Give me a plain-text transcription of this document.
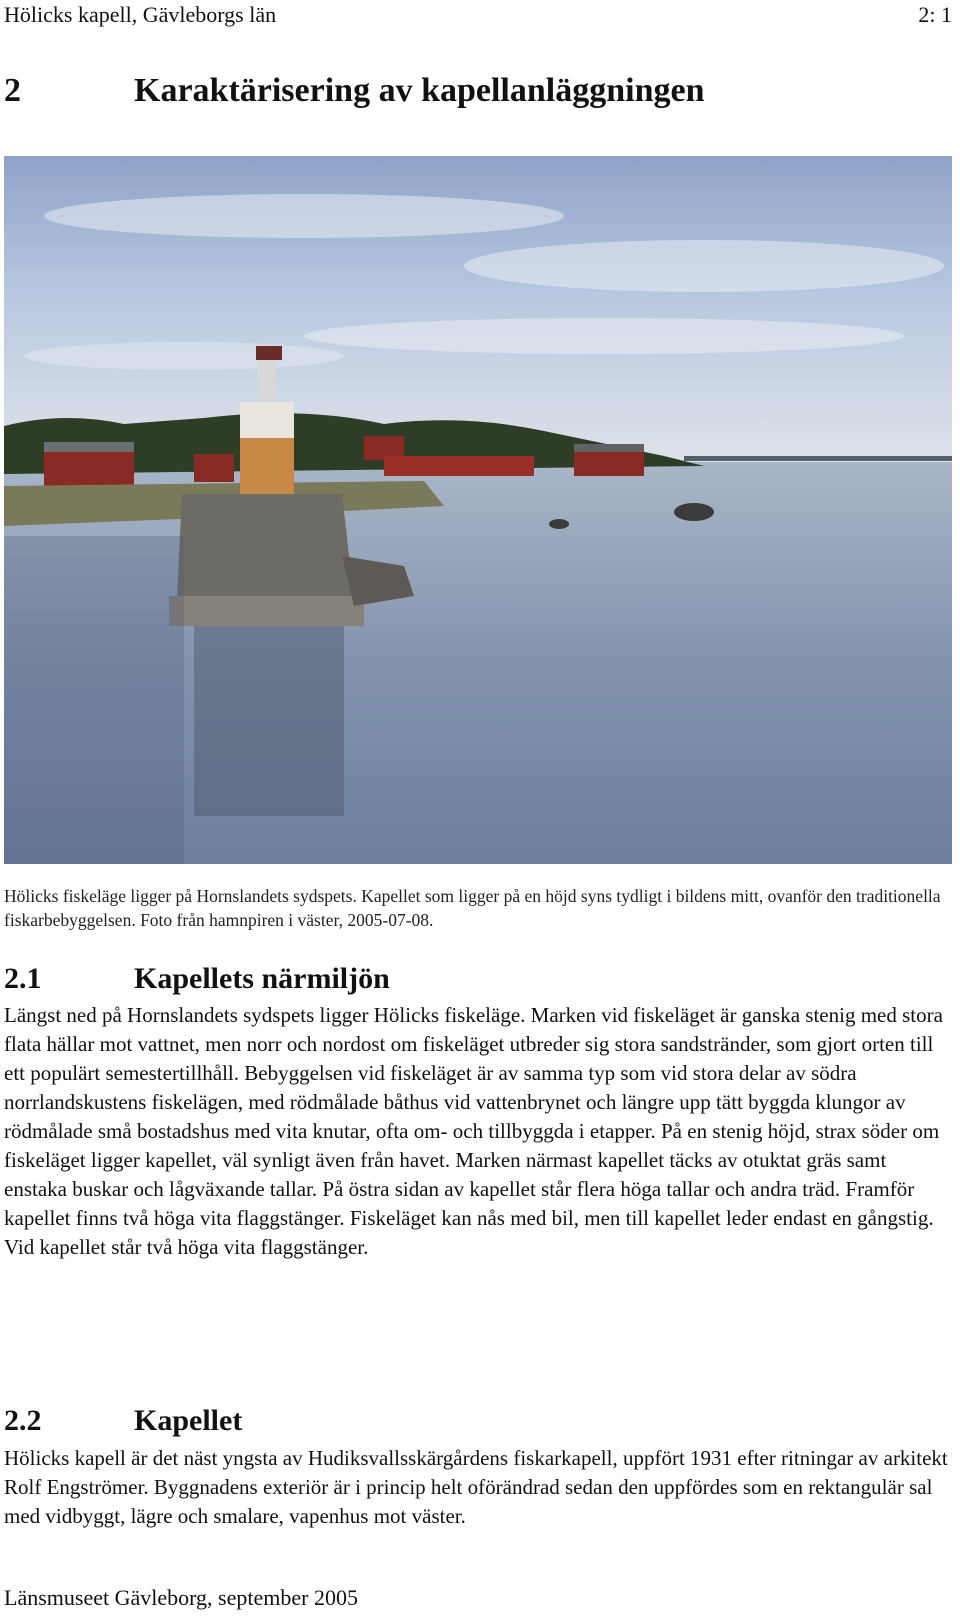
Hölicks kapell, Gävleborgs län	2: 1
2	Karaktärisering av kapellanläggningen
Hölicks fiskeläge ligger på Hornslandets sydspets. Kapellet som ligger på en höjd syns tydligt i bildens mitt, ovanför den traditionella fiskarbebyggelsen. Foto från hamnpiren i väster, 2005-07-08.
2.1	Kapellets närmiljön

Längst ned på Hornslandets sydspets ligger Hölicks fiskeläge. Marken vid fiskeläget är ganska stenig med stora flata hällar mot vattnet, men norr och nordost om fiskeläget utbreder sig stora sandstränder, som gjort orten till ett populärt semestertillhåll. Bebyggelsen vid fiskeläget är av samma typ som vid stora delar av södra norrlandskustens fiskelägen, med rödmålade båthus vid vattenbrynet och längre upp tätt byggda klungor av rödmålade små bostadshus med vita knutar, ofta om- och tillbyggda i etapper. På en stenig höjd, strax söder om fiskeläget ligger kapellet, väl synligt även från havet. Marken närmast kapellet täcks av otuktat gräs samt enstaka buskar och lågväxande tallar. På östra sidan av kapellet står flera höga tallar och andra träd. Framför kapellet finns två höga vita flaggstänger. Fiskeläget kan nås med bil, men till kapellet leder endast en gångstig. Vid kapellet står två höga vita flaggstänger.

2.2	Kapellet

Hölicks kapell är det näst yngsta av Hudiksvallsskärgårdens fiskarkapell, uppfört 1931 efter ritningar av arkitekt Rolf Engströmer. Byggnadens exteriör är i princip helt oförändrad sedan den uppfördes som en rektangulär sal med vidbyggt, lägre och smalare, vapenhus mot väster.

Länsmuseet Gävleborg, september 2005
